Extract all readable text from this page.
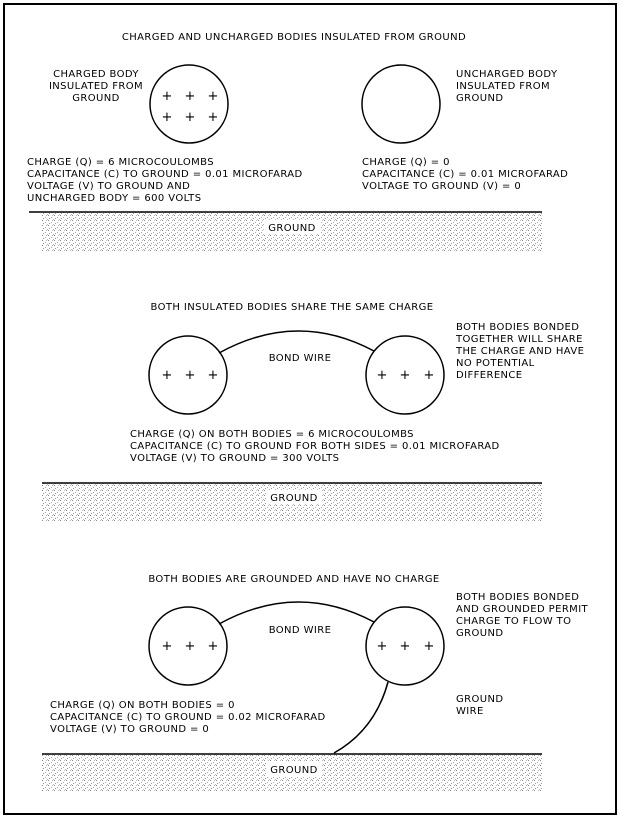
CHARGED AND UNCHARGED BODIES INSULATED FROM GROUND
CHARGED BODY
INSULATED FROM
GROUND	+ + +
+ + +
UNCHARGED BODY
INSULATED FROM
GROUND
CHARGE (Q) = 6 MICROCOULOMBS
CAPACITANCE (C) TO GROUND = 0.01 MICROFARAD
VOLTAGE (V) TO GROUND AND
UNCHARGED BODY = 600 VOLTS
CHARGE (Q) = 0
CAPACITANCE (C) = 0.01 MICROFARAD
VOLTAGE TO GROUND (V) = 0
GROUND
BOTH INSULATED BODIES SHARE THE SAME CHARGE
+ + +	+ + +
BOND WIRE
BOTH BODIES BONDED
TOGETHER WILL SHARE
THE CHARGE AND HAVE
NO POTENTIAL
DIFFERENCE
CHARGE (Q) ON BOTH BODIES = 6 MICROCOULOMBS
CAPACITANCE (C) TO GROUND FOR BOTH SIDES = 0.01 MICROFARAD
VOLTAGE (V) TO GROUND = 300 VOLTS
GROUND
BOTH BODIES ARE GROUNDED AND HAVE NO CHARGE
+ + +	+ + +
BOND WIRE
BOTH BODIES BONDED
AND GROUNDED PERMIT
CHARGE TO FLOW TO
GROUND
GROUND
WIRE
CHARGE (Q) ON BOTH BODIES = 0
CAPACITANCE (C) TO GROUND = 0.02 MICROFARAD
VOLTAGE (V) TO GROUND = 0
GROUND
